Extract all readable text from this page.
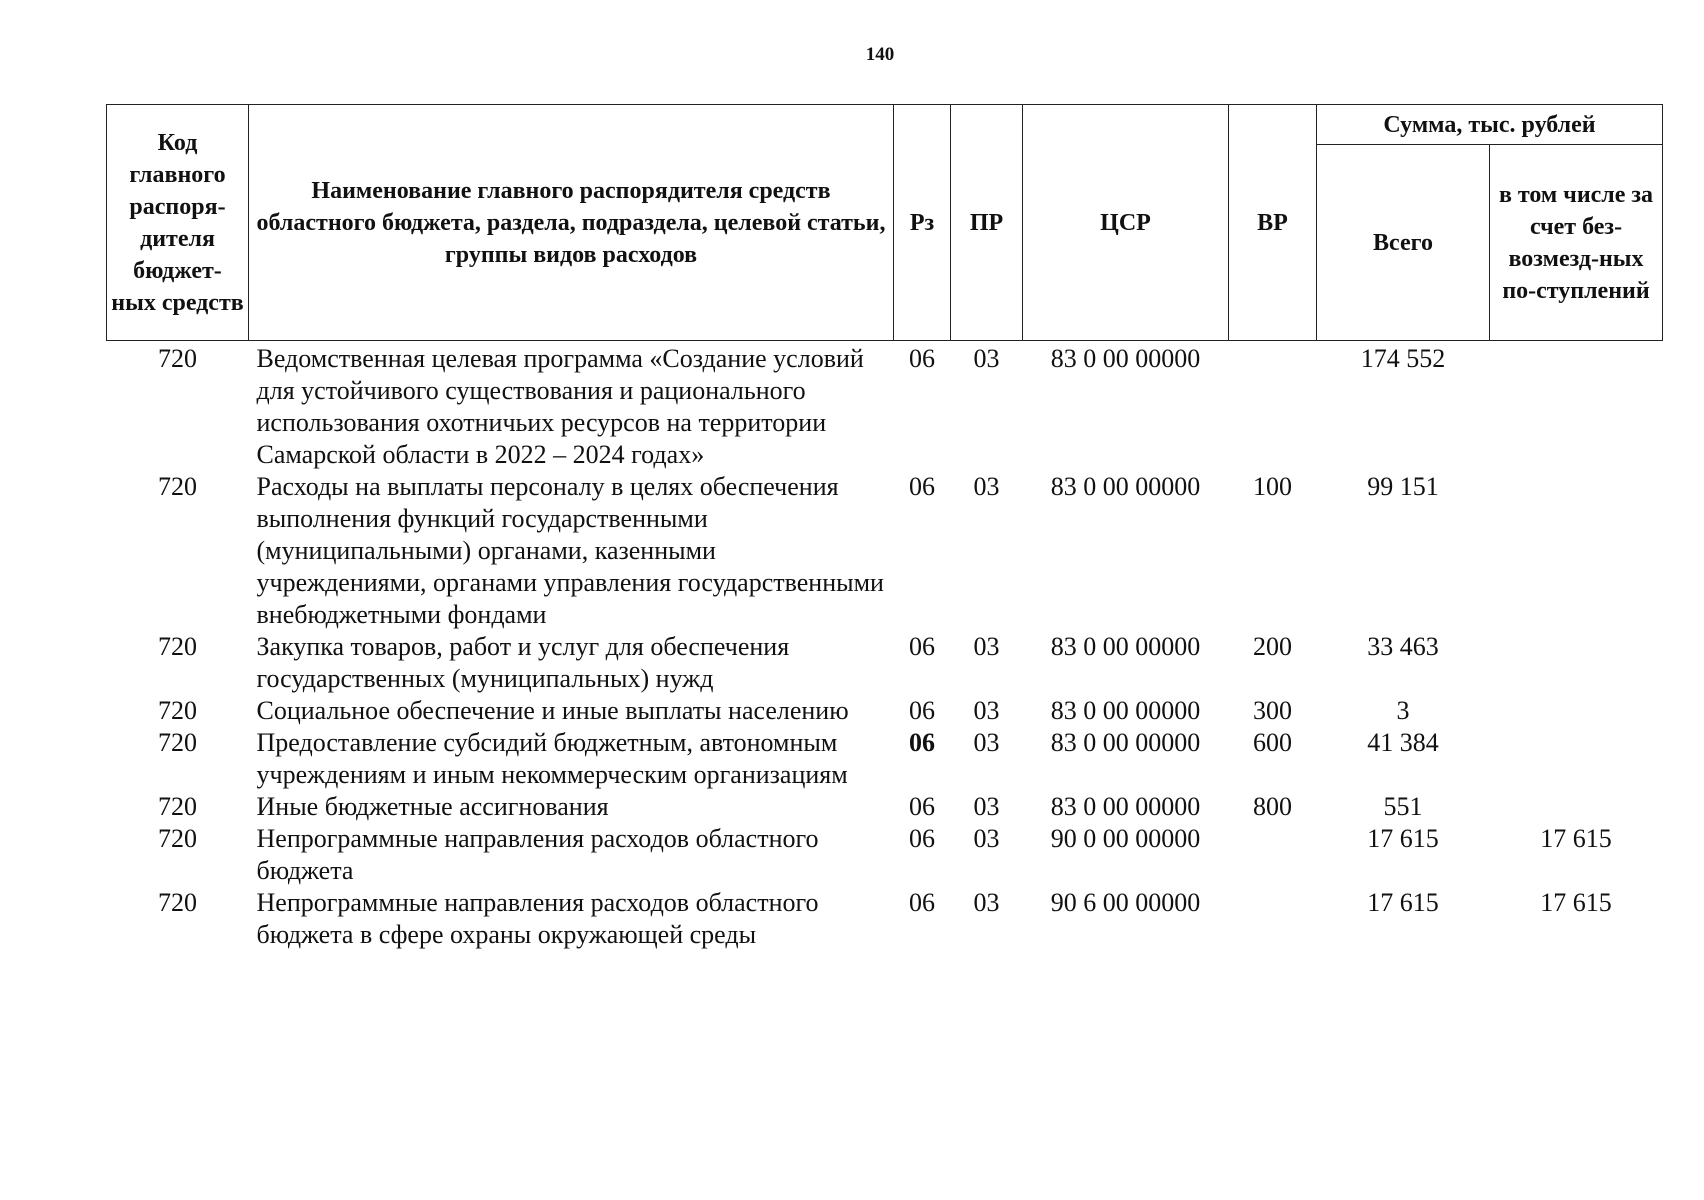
140
Код главного распоря-дителя бюджет-ных средств	Наименование главного распорядителя средств областного бюджета, раздела, подраздела, целевой статьи, группы видов расходов	Рз	ПР	ЦСР	ВР	Сумма, тыс. рублей	
						Всего	в том числе за счет без-возмезд-ных по-ступлений
720	Ведомственная целевая программа «Создание условий для устойчивого существования и рационального использования охотничьих ресурсов на территории Самарской области в 2022 – 2024 годах»	06	03	83 0 00 00000		174 552	
720	Расходы на выплаты персоналу в целях обеспечения выполнения функций государственными (муниципальными) органами, казенными учреждениями, органами управления государственными внебюджетными фондами	06	03	83 0 00 00000	100	99 151	
720	Закупка товаров, работ и услуг для обеспечения государственных (муниципальных) нужд	06	03	83 0 00 00000	200	33 463	
720	Социальное обеспечение и иные выплаты населению	06	03	83 0 00 00000	300	3	
720	Предоставление субсидий бюджетным, автономным учреждениям и иным некоммерческим организациям	06	03	83 0 00 00000	600	41 384	
720	Иные бюджетные ассигнования	06	03	83 0 00 00000	800	551	
720	Непрограммные направления расходов областного бюджета	06	03	90 0 00 00000		17 615	17 615
720	Непрограммные направления расходов областного бюджета в сфере охраны окружающей среды	06	03	90 6 00 00000		17 615	17 615
